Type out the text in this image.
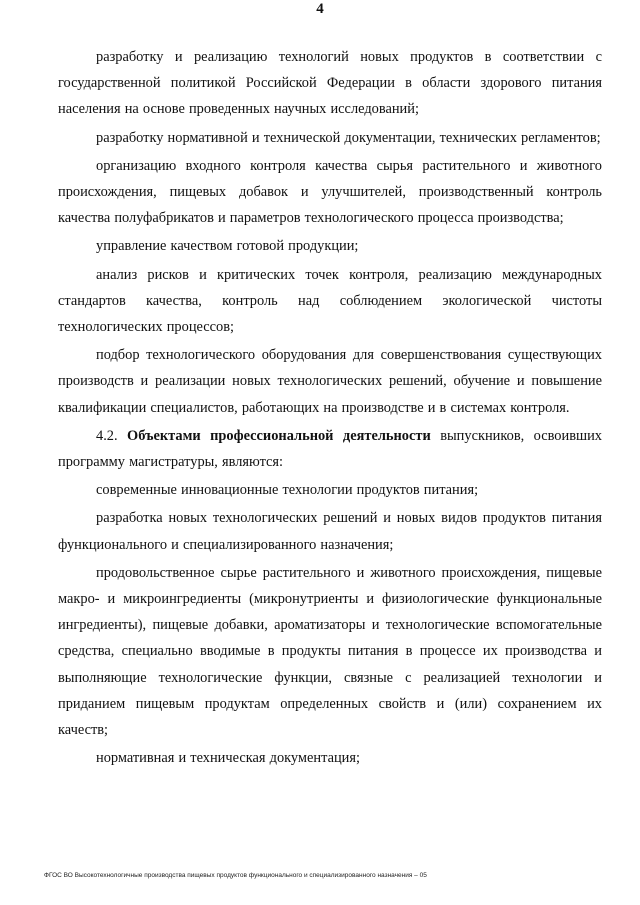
4

разработку и реализацию технологий новых продуктов в соответствии с государственной политикой Российской Федерации в области здорового питания населения на основе проведенных научных исследований;

разработку нормативной и технической документации, технических регламентов;

организацию входного контроля качества сырья растительного и животного происхождения, пищевых добавок и улучшителей, производственный контроль качества полуфабрикатов и параметров технологического процесса производства;

управление качеством готовой продукции;

анализ рисков и критических точек контроля, реализацию международных стандартов качества, контроль над соблюдением экологической чистоты технологических процессов;

подбор технологического оборудования для совершенствования существующих производств и реализации новых технологических решений, обучение и повышение квалификации специалистов, работающих на производстве и в системах контроля.

4.2. Объектами профессиональной деятельности выпускников, освоивших программу магистратуры, являются:

современные инновационные технологии продуктов питания;

разработка новых технологических решений и новых видов продуктов питания функционального и специализированного назначения;

продовольственное сырье растительного и животного происхождения, пищевые макро- и микроингредиенты (микронутриенты и физиологические функциональные ингредиенты), пищевые добавки, ароматизаторы и технологические вспомогательные средства, специально вводимые в продукты питания в процессе их производства и выполняющие технологические функции, связные с реализацией технологии и приданием пищевым продуктам определенных свойств и (или) сохранением их качеств;

нормативная и техническая документация;

ФГОС ВО Высокотехнологичные производства пищевых продуктов функционального и специализированного назначения – 05
